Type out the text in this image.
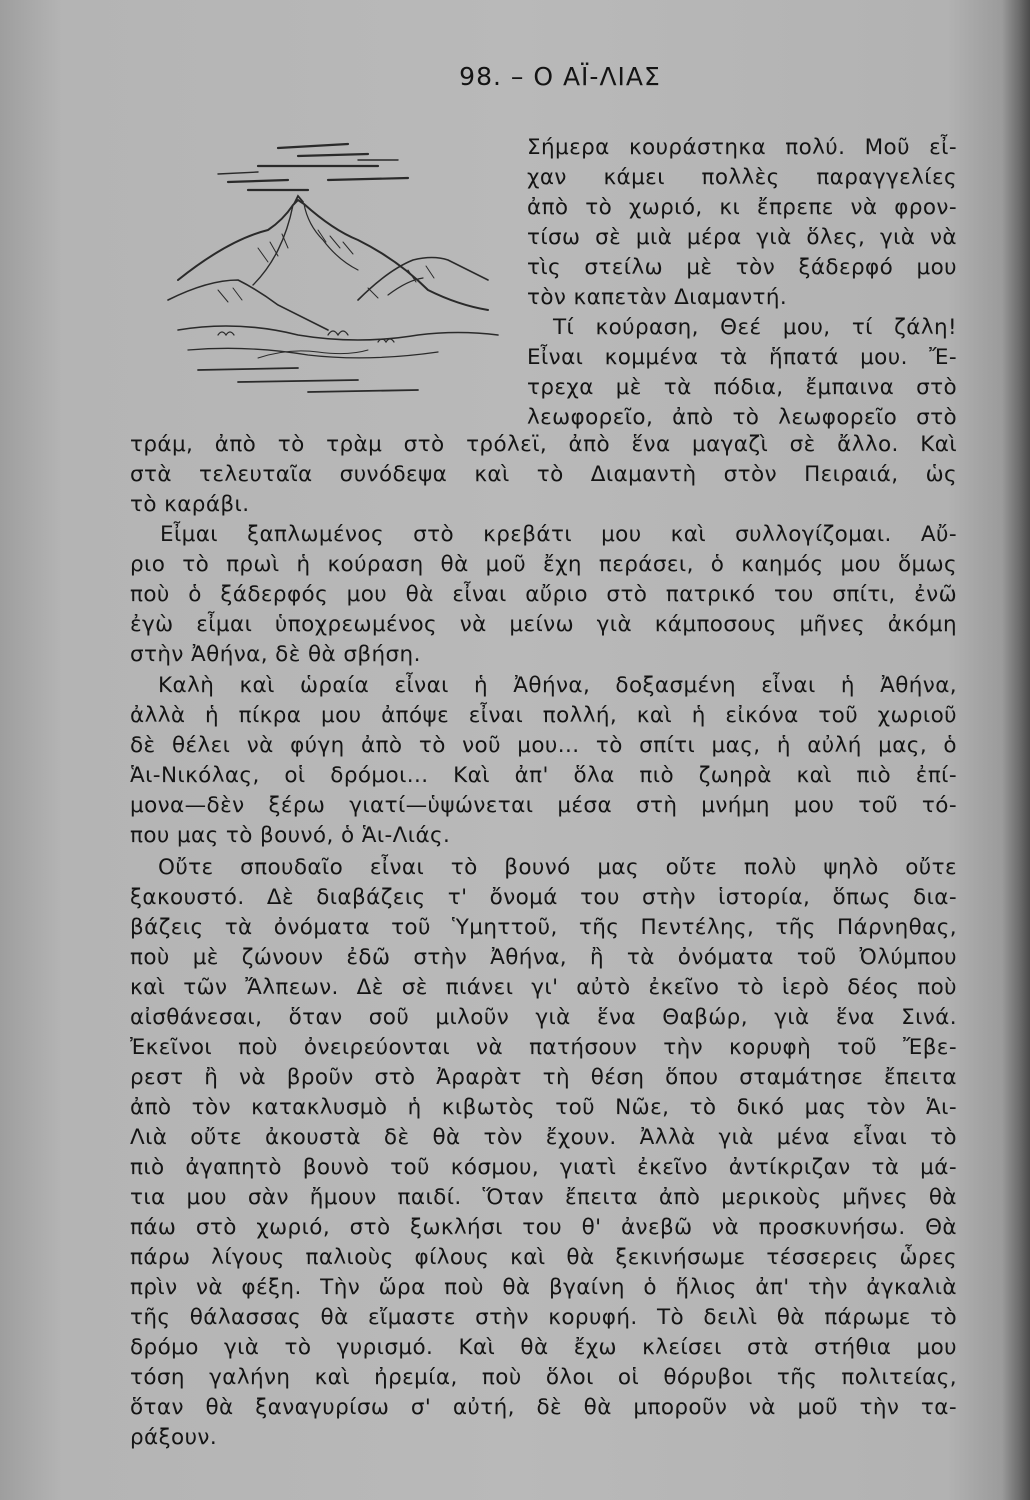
98. – Ο ΑΪ-ΛΙΑΣ
Σήμερα κουράστηκα πολύ. Μοῦ εἶ-
χαν κάμει πολλὲς παραγγελίες
ἀπὸ τὸ χωριό, κι ἔπρεπε νὰ φρον-
τίσω σὲ μιὰ μέρα γιὰ ὅλες, γιὰ νὰ
τὶς στείλω μὲ τὸν ξάδερφό μου
τὸν καπετὰν Διαμαντή.
Τί κούραση, Θεέ μου, τί ζάλη!
Εἶναι κομμένα τὰ ἥπατά μου. Ἔ-
τρεχα μὲ τὰ πόδια, ἔμπαινα στὸ
λεωφορεῖο, ἀπὸ τὸ λεωφορεῖο στὸ
τράμ, ἀπὸ τὸ τρὰμ στὸ τρόλεϊ, ἀπὸ ἕνα μαγαζὶ σὲ ἄλλο. Καὶ
στὰ τελευταῖα συνόδεψα καὶ τὸ Διαμαντὴ στὸν Πειραιά, ὡς
τὸ καράβι.
Εἶμαι ξαπλωμένος στὸ κρεβάτι μου καὶ συλλογίζομαι. Αὔ-
ριο τὸ πρωὶ ἡ κούραση θὰ μοῦ ἔχη περάσει, ὁ καημός μου ὅμως
ποὺ ὁ ξάδερφός μου θὰ εἶναι αὔριο στὸ πατρικό του σπίτι, ἐνῶ
ἐγὼ εἶμαι ὑποχρεωμένος νὰ μείνω γιὰ κάμποσους μῆνες ἀκόμη
στὴν Ἀθήνα, δὲ θὰ σβήση.
Καλὴ καὶ ὡραία εἶναι ἡ Ἀθήνα, δοξασμένη εἶναι ἡ Ἀθήνα,
ἀλλὰ ἡ πίκρα μου ἀπόψε εἶναι πολλή, καὶ ἡ εἰκόνα τοῦ χωριοῦ
δὲ θέλει νὰ φύγη ἀπὸ τὸ νοῦ μου... τὸ σπίτι μας, ἡ αὐλή μας, ὁ
Ἁι-Νικόλας, οἱ δρόμοι... Καὶ ἀπ' ὅλα πιὸ ζωηρὰ καὶ πιὸ ἐπί-
μονα—δὲν ξέρω γιατί—ὑψώνεται μέσα στὴ μνήμη μου τοῦ τό-
που μας τὸ βουνό, ὁ Ἁι-Λιάς.
Οὔτε σπουδαῖο εἶναι τὸ βουνό μας οὔτε πολὺ ψηλὸ οὔτε
ξακουστό. Δὲ διαβάζεις τ' ὄνομά του στὴν ἱστορία, ὅπως δια-
βάζεις τὰ ὀνόματα τοῦ Ὑμηττοῦ, τῆς Πεντέλης, τῆς Πάρνηθας,
ποὺ μὲ ζώνουν ἐδῶ στὴν Ἀθήνα, ἢ τὰ ὀνόματα τοῦ Ὀλύμπου
καὶ τῶν Ἄλπεων. Δὲ σὲ πιάνει γι' αὐτὸ ἐκεῖνο τὸ ἱερὸ δέος ποὺ
αἰσθάνεσαι, ὅταν σοῦ μιλοῦν γιὰ ἕνα Θαβώρ, γιὰ ἕνα Σινά.
Ἐκεῖνοι ποὺ ὀνειρεύονται νὰ πατήσουν τὴν κορυφὴ τοῦ Ἔβε-
ρεστ ἢ νὰ βροῦν στὸ Ἀραρὰτ τὴ θέση ὅπου σταμάτησε ἔπειτα
ἀπὸ τὸν κατακλυσμὸ ἡ κιβωτὸς τοῦ Νῶε, τὸ δικό μας τὸν Ἁι-
Λιὰ οὔτε ἀκουστὰ δὲ θὰ τὸν ἔχουν. Ἀλλὰ γιὰ μένα εἶναι τὸ
πιὸ ἀγαπητὸ βουνὸ τοῦ κόσμου, γιατὶ ἐκεῖνο ἀντίκριζαν τὰ μά-
τια μου σὰν ἤμουν παιδί. Ὅταν ἔπειτα ἀπὸ μερικοὺς μῆνες θὰ
πάω στὸ χωριό, στὸ ξωκλήσι του θ' ἀνεβῶ νὰ προσκυνήσω. Θὰ
πάρω λίγους παλιοὺς φίλους καὶ θὰ ξεκινήσωμε τέσσερεις ὧρες
πρὶν νὰ φέξη. Τὴν ὥρα ποὺ θὰ βγαίνη ὁ ἥλιος ἀπ' τὴν ἀγκαλιὰ
τῆς θάλασσας θὰ εἴμαστε στὴν κορυφή. Τὸ δειλὶ θὰ πάρωμε τὸ
δρόμο γιὰ τὸ γυρισμό. Καὶ θὰ ἔχω κλείσει στὰ στήθια μου
τόση γαλήνη καὶ ἠρεμία, ποὺ ὅλοι οἱ θόρυβοι τῆς πολιτείας,
ὅταν θὰ ξαναγυρίσω σ' αὐτή, δὲ θὰ μποροῦν νὰ μοῦ τὴν τα-
ράξουν.
